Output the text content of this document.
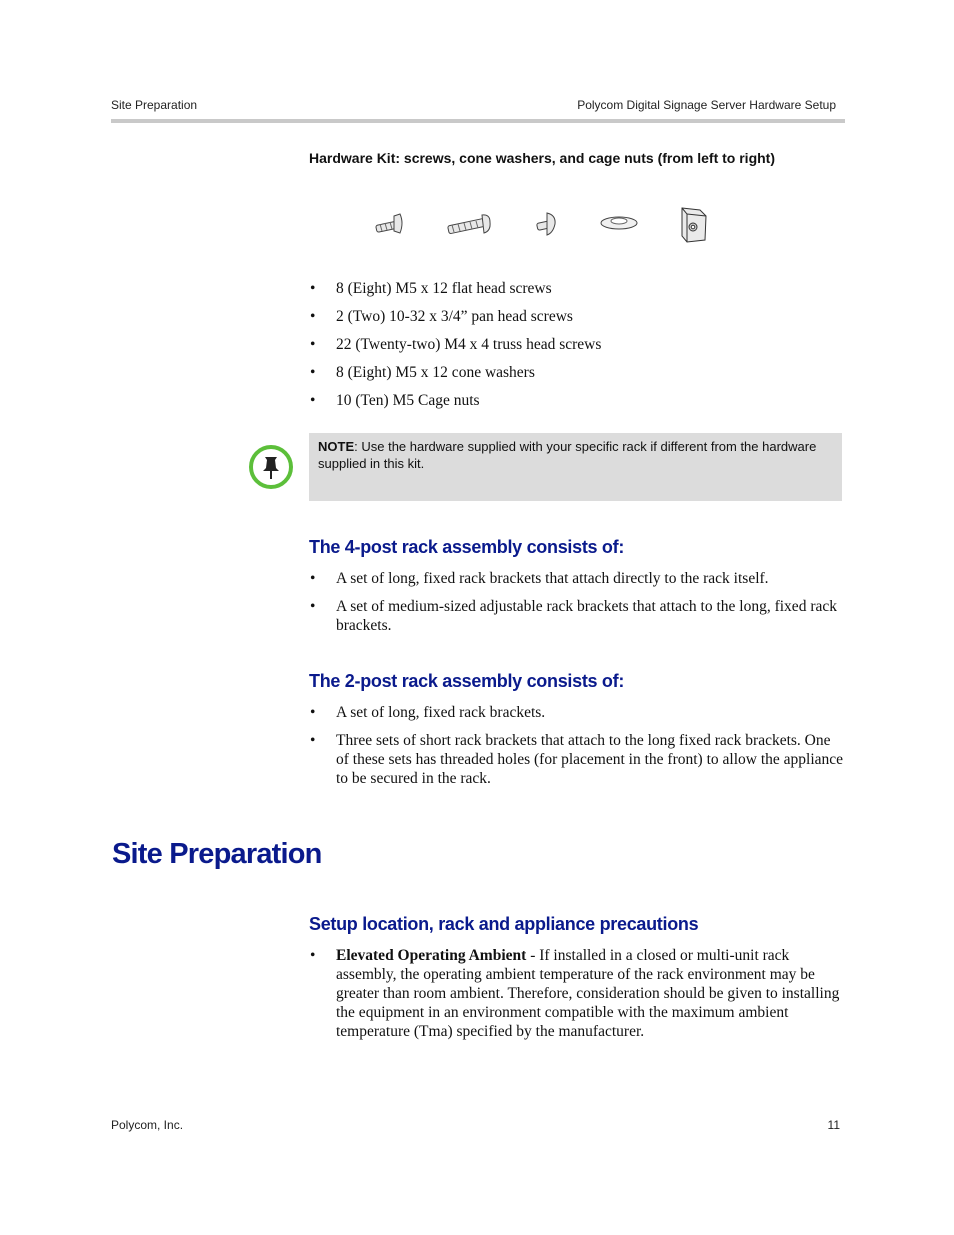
Site Preparation	Polycom Digital Signage Server Hardware Setup
Hardware Kit: screws, cone washers, and cage nuts (from left to right)
• 8 (Eight) M5 x 12 flat head screws
• 2 (Two) 10-32 x 3/4” pan head screws
• 22 (Twenty-two) M4 x 4 truss head screws
• 8 (Eight) M5 x 12 cone washers
• 10 (Ten) M5 Cage nuts
NOTE: Use the hardware supplied with your specific rack if different from the hardware supplied in this kit.
The 4-post rack assembly consists of:
• A set of long, fixed rack brackets that attach directly to the rack itself.
• A set of medium-sized adjustable rack brackets that attach to the long, fixed rack brackets.
The 2-post rack assembly consists of:
• A set of long, fixed rack brackets.
• Three sets of short rack brackets that attach to the long fixed rack brackets. One of these sets has threaded holes (for placement in the front) to allow the appliance to be secured in the rack.
Site Preparation
Setup location, rack and appliance precautions
• Elevated Operating Ambient - If installed in a closed or multi-unit rack assembly, the operating ambient temperature of the rack environment may be greater than room ambient. Therefore, consideration should be given to installing the equipment in an environment compatible with the maximum ambient temperature (Tma) specified by the manufacturer.
Polycom, Inc.	11
